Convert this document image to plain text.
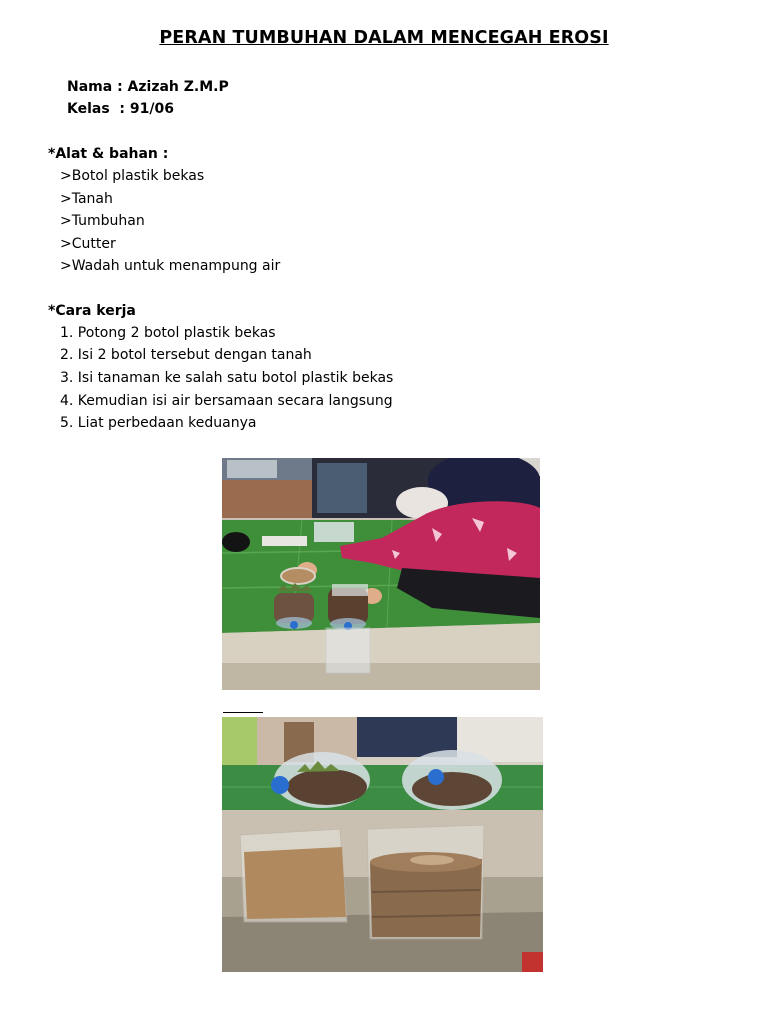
PERAN TUMBUHAN DALAM MENCEGAH EROSI
Nama : Azizah Z.M.P
Kelas  : 91/06
*Alat & bahan :
>Botol plastik bekas
>Tanah
>Tumbuhan
>Cutter
>Wadah untuk menampung air
*Cara kerja
1. Potong 2 botol plastik bekas
2. Isi 2 botol tersebut dengan tanah
3. Isi tanaman ke salah satu botol plastik bekas
4. Kemudian isi air bersamaan secara langsung
5. Liat perbedaan keduanya
